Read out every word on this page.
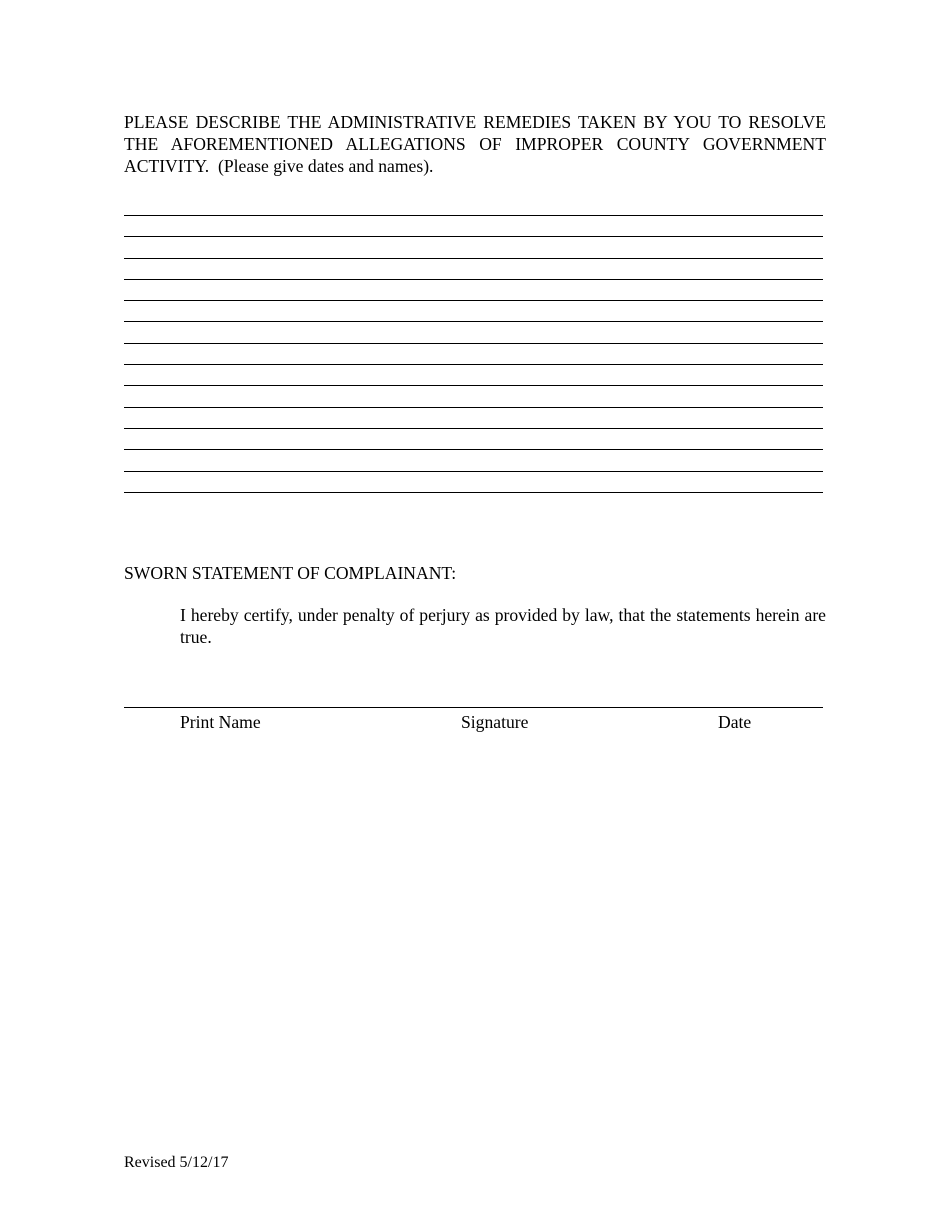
PLEASE DESCRIBE THE ADMINISTRATIVE REMEDIES TAKEN BY YOU TO RESOLVE THE AFOREMENTIONED ALLEGATIONS OF IMPROPER COUNTY GOVERNMENT ACTIVITY. (Please give dates and names).

SWORN STATEMENT OF COMPLAINANT:

I hereby certify, under penalty of perjury as provided by law, that the statements herein are true.

Print Name	Signature	Date
Revised 5/12/17
